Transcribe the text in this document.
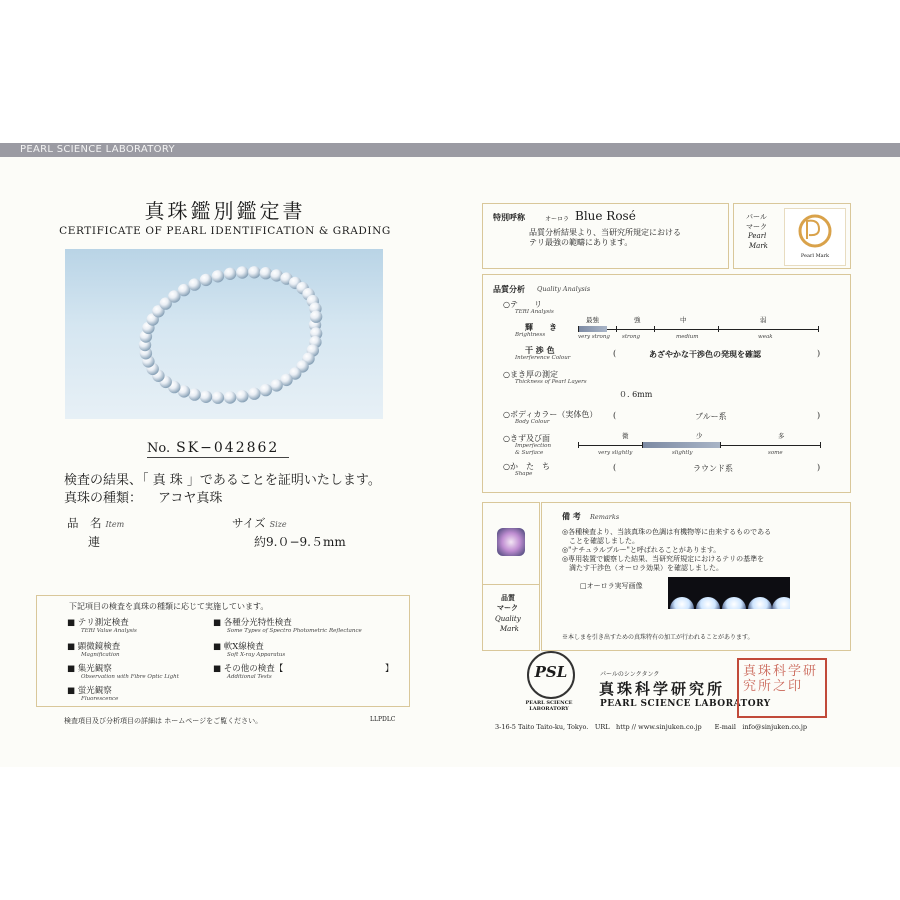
PEARL SCIENCE LABORATORY
真珠鑑別鑑定書
CERTIFICATE OF PEARL IDENTIFICATION & GRADING
No. SK−042862
検査の結果、「 真 珠 」であることを証明いたします。
真珠の種類： アコヤ真珠
品　名 Item
連
サイズ Size
約9.０−9.５mm
下記項目の検査を真珠の種類に応じて実施しています。
■ テリ測定検査
TERI Value Analysis
■ 顕微鏡検査
Magnification
■ 集光観察
Observation with Fibre Optic Light
■ 蛍光観察
Fluorescence
■ 各種分光特性検査
Some Types of Spectro Photometric Reflectance
■ 軟X線検査
Soft X-ray Apparatus
■ その他の検査【
Additional Tests
】
検査項目及び分析項目の詳細は ホームページをご覧ください。	LLPDLC
特別呼称	オーロラ Blue Rosé
品質分析結果より、当研究所規定における
テリ最強の範疇にあります。
パール
マーク
Pearl
Mark
Pearl Mark
品質分析 Quality Analysis
○テ　　リ
TERI Analysis
輝　　き
Brightness
最強	強	中	弱
very strong strong	medium	weak
干 渉 色
Interference Colour	(	あざやかな干渉色の発現を確認	)
○まき厚の測定
Thickness of Pearl Layers
０. 6mm
○ボディカラー（実体色）
Body Colour
(	ブルー系	)
○きず及び面
Imperfection
& Surface
微	少	多
very slightly	slightly	some
○か　た　ち
Shape
(	ラウンド系	)
品質
マーク
Quality
Mark
備 考 Remarks
◎各種検査より、当該真珠の色調は有機物等に由来するものである
　ことを確認しました。
◎"ナチュラルブルー"と呼ばれることがあります。
◎専用装置で観察した結果、当研究所規定におけるテリの基準を
　満たす干渉色（オーロラ効果）を確認しました。
□オーロラ実写画像
※本しまを引き出すための真珠特有の加工が行われることがあります。
PSL
PEARL SCIENCE
LABORATORY
パールのシンクタンク
真珠科学研究所
PEARL SCIENCE LABORATORY
真珠科学研究所之印
3-16-5 Taito Taito-ku, Tokyo.　URL　http // www.sinjuken.co.jp　　E-mail　info@sinjuken.co.jp
